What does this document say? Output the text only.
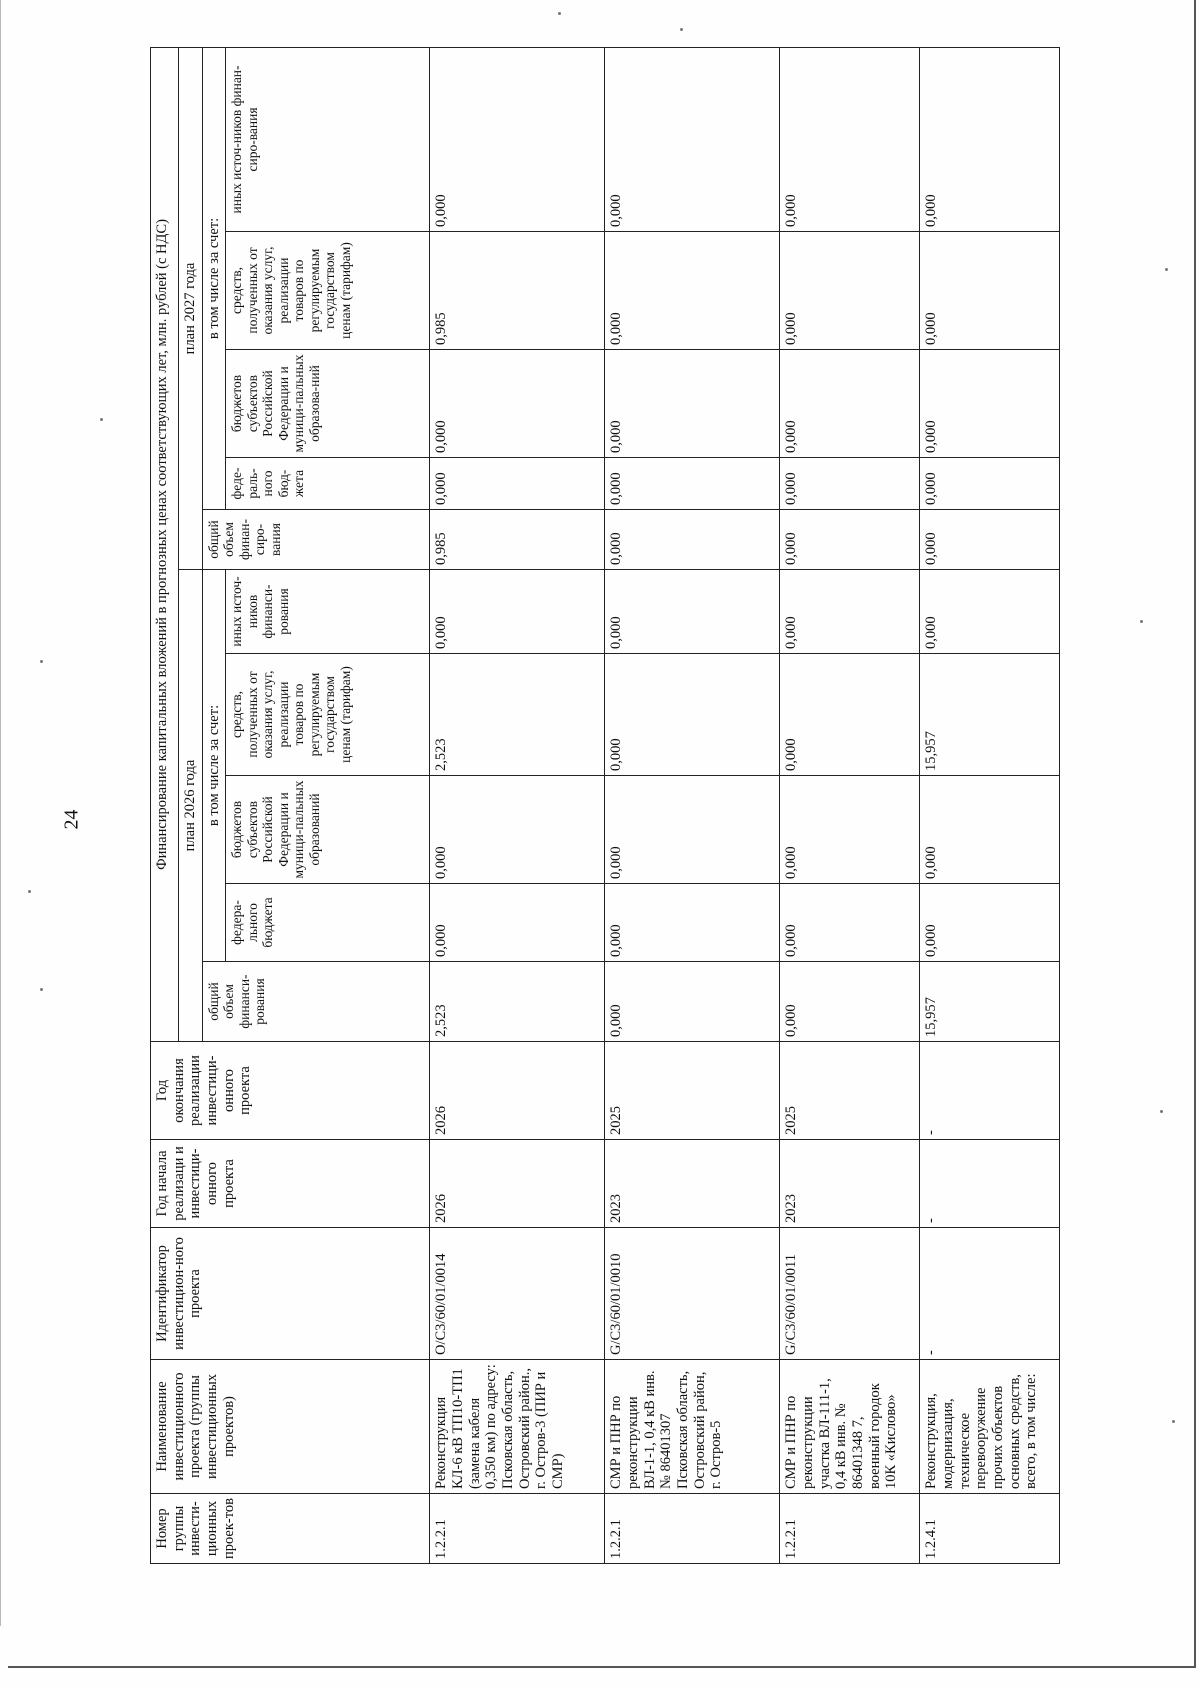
24
Номер группы инвести-ционных проек-тов	Наименование инвестиционного проекта (группы инвестиционных проектов)	Идентификатор инвестицион-ного проекта	Год начала реализаци и инвестици-онного проекта	Год окончания реализации инвестици-онного проекта	Финансирование капитальных вложений в прогнозных ценах соответствующих лет, млн. рублей (с НДС)									
					план 2026 года					план 2027 года				
					общий объем финанси-рования	в том числе за счет:				общий объем финан-сиро-вания	в том числе за счет:			
						федера-льного бюджета	бюджетов субъектов Российской Федерации и муници-пальных образований	средств, полученных от оказания услуг, реализации товаров по регулируемым государством ценам (тарифам)	иных источ-ников финанси-рования		феде-раль-ного бюд-жета	бюджетов субъектов Российской Федерации и муници-пальных образова-ний	средств, полученных от оказания услуг, реализации товаров по регулируемым государством ценам (тарифам)	иных источ-ников финан-сиро-вания
1.2.2.1	Реконструкция КЛ-6 кВ ТП10-ТП1 (замена кабеля 0,350 км) по адресу: Псковская область, Островский район., г. Остров-3 (ПИР и СМР)	O/C3/60/01/0014	2026	2026	2,523	0,000	0,000	2,523	0,000	0,985	0,000	0,000	0,985	0,000
1.2.2.1	СМР и ПНР по реконструкции ВЛ-1-1, 0,4 кВ инв. № 86401307 Псковская область, Островский район, г. Остров-5	G/C3/60/01/0010	2023	2025	0,000	0,000	0,000	0,000	0,000	0,000	0,000	0,000	0,000	0,000
1.2.2.1	СМР и ПНР по реконструкции участка ВЛ-111-1, 0,4 кВ инв. № 86401348 7, военный городок 10К «Кислово»	G/C3/60/01/0011	2023	2025	0,000	0,000	0,000	0,000	0,000	0,000	0,000	0,000	0,000	0,000
1.2.4.1	Реконструкция, модернизация, техническое перевооружение прочих объектов основных средств, всего, в том числе:	-	-	-	15,957	0,000	0,000	15,957	0,000	0,000	0,000	0,000	0,000	0,000
